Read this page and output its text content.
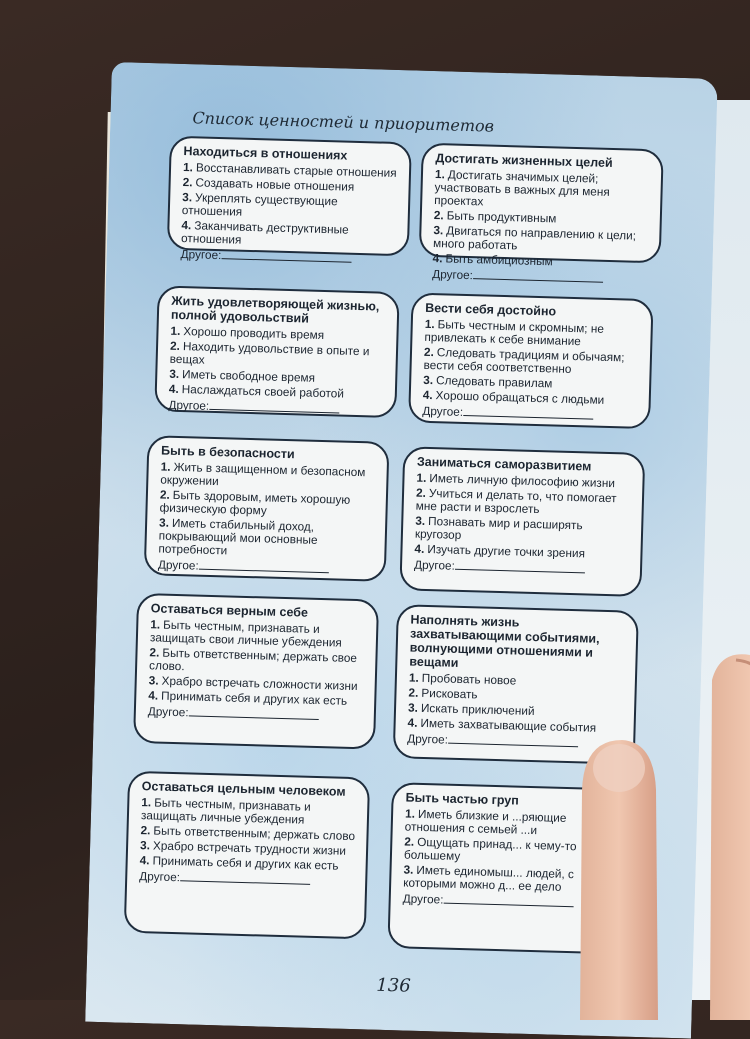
Список ценностей и приоритетов
Находиться в отношениях
1. Восстанавливать старые отношения
2. Создавать новые отношения
3. Укреплять существующие отношения
4. Заканчивать деструктивные отношения
Другое:
Достигать жизненных целей
1. Достигать значимых целей; участвовать в важных для меня проектах
2. Быть продуктивным
3. Двигаться по направлению к цели; много работать
4. Быть амбициозным
Другое:
Жить удовлетворяющей жизнью, полной удовольствий
1. Хорошо проводить время
2. Находить удовольствие в опыте и вещах
3. Иметь свободное время
4. Наслаждаться своей работой
Другое:
Вести себя достойно
1. Быть честным и скромным; не привлекать к себе внимание
2. Следовать традициям и обычаям; вести себя соответственно
3. Следовать правилам
4. Хорошо обращаться с людьми
Другое:
Быть в безопасности
1. Жить в защищенном и безопасном окружении
2. Быть здоровым, иметь хорошую физическую форму
3. Иметь стабильный доход, покрывающий мои основные потребности
Другое:
Заниматься саморазвитием
1. Иметь личную философию жизни
2. Учиться и делать то, что помогает мне расти и взрослеть
3. Познавать мир и расширять кругозор
4. Изучать другие точки зрения
Другое:
Оставаться верным себе
1. Быть честным, признавать и защищать свои личные убеждения
2. Быть ответственным; держать свое слово.
3. Храбро встречать сложности жизни
4. Принимать себя и других как есть
Другое:
Наполнять жизнь захватывающими событиями, волнующими отношениями и вещами
1. Пробовать новое
2. Рисковать
3. Искать приключений
4. Иметь захватывающие события
Другое:
Оставаться цельным человеком
1. Быть честным, признавать и защищать личные убеждения
2. Быть ответственным; держать слово
3. Храбро встречать трудности жизни
4. Принимать себя и других как есть
Другое:
Быть частью груп
1. Иметь близкие и ...ряющие отношения с семьей ...и
2. Ощущать принад... к чему-то большему
3. Иметь единомыш... людей, с которыми можно д... ее дело
Другое:
136
